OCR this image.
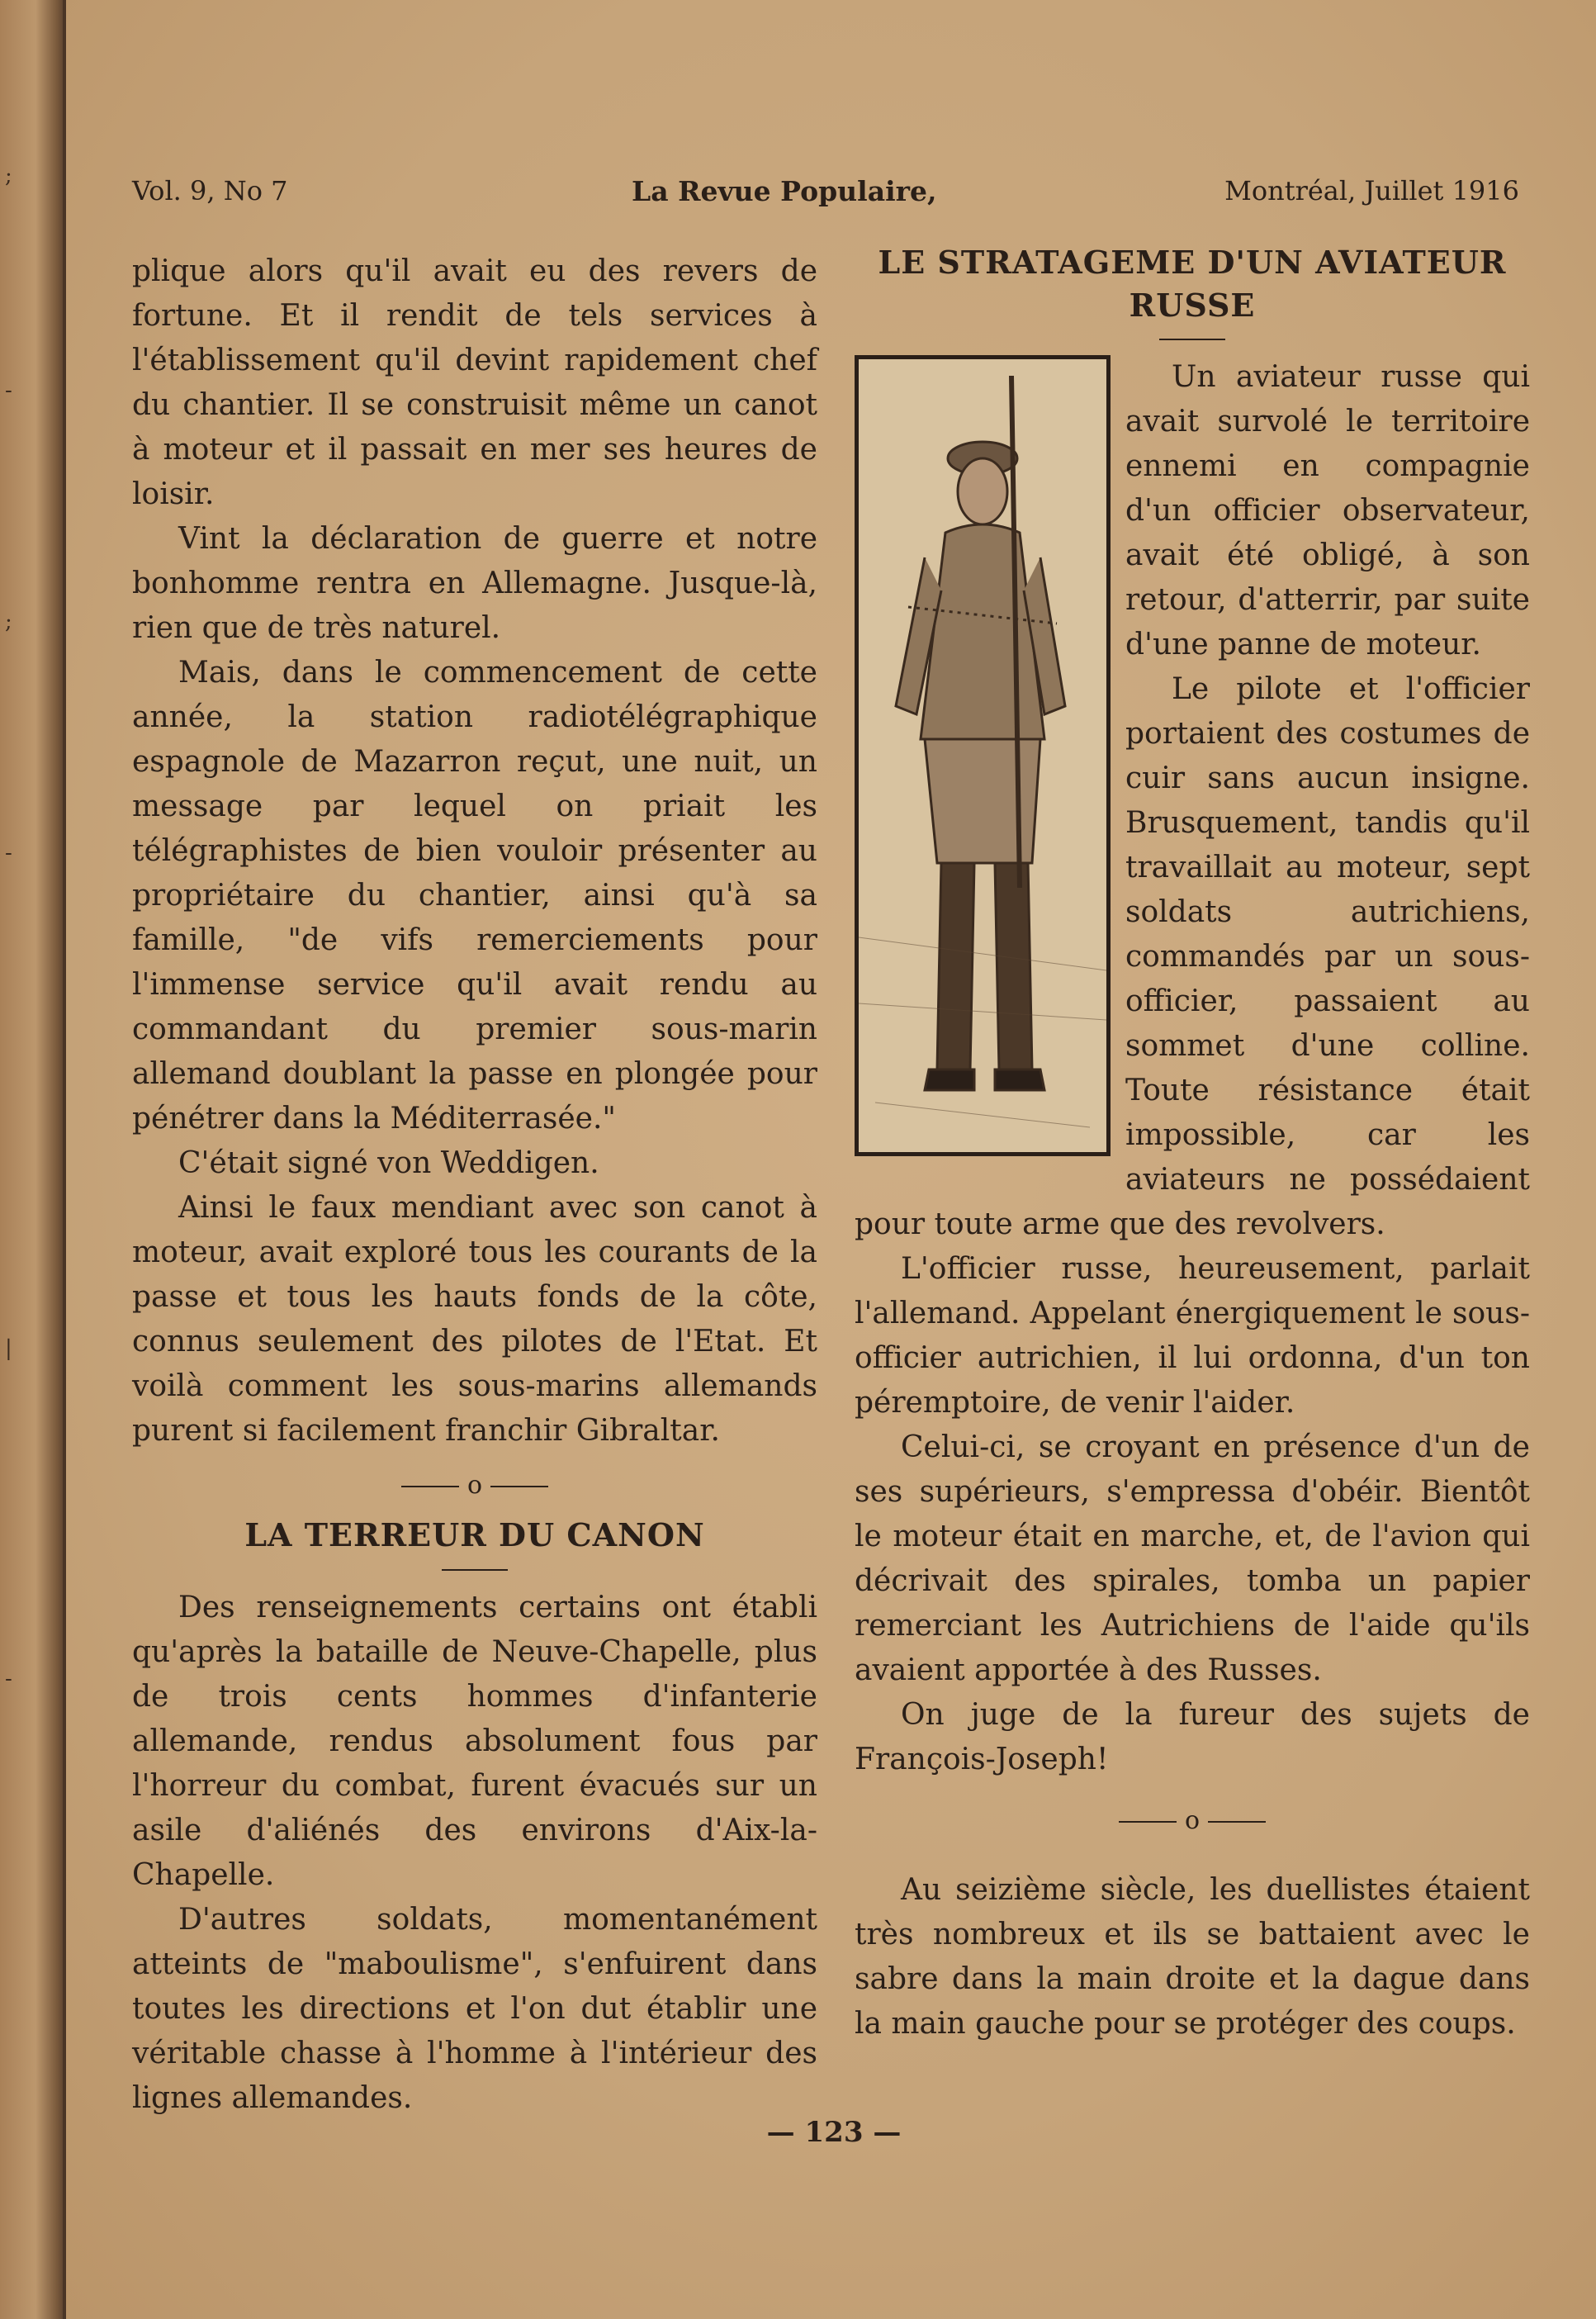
;
-
;
-
|
-
Vol. 9, No 7	La Revue Populaire,	Montréal, Juillet 1916

plique alors qu'il avait eu des revers de fortune. Et il rendit de tels services à l'établissement qu'il devint rapidement chef du chantier. Il se construisit même un canot à moteur et il passait en mer ses heures de loisir.

Vint la déclaration de guerre et notre bonhomme rentra en Allemagne. Jusque-là, rien que de très naturel.

Mais, dans le commencement de cette année, la station radiotélégraphique espagnole de Mazarron reçut, une nuit, un message par lequel on priait les télégraphistes de bien vouloir présenter au propriétaire du chantier, ainsi qu'à sa famille, "de vifs remerciements pour l'immense service qu'il avait rendu au commandant du premier sous-marin allemand doublant la passe en plongée pour pénétrer dans la Méditerrasée."

C'était signé von Weddigen.

Ainsi le faux mendiant avec son canot à moteur, avait exploré tous les courants de la passe et tous les hauts fonds de la côte, connus seulement des pilotes de l'Etat. Et voilà comment les sous-marins allemands purent si facilement franchir Gibraltar.

o
LA TERREUR DU CANON

Des renseignements certains ont établi qu'après la bataille de Neuve-Chapelle, plus de trois cents hommes d'infanterie allemande, rendus absolument fous par l'horreur du combat, furent évacués sur un asile d'aliénés des environs d'Aix-la-Chapelle.

D'autres soldats, momentanément atteints de "maboulisme", s'enfuirent dans toutes les directions et l'on dut établir une véritable chasse à l'homme à l'intérieur des lignes allemandes.

LE STRATAGEME D'UN AVIATEUR RUSSE

Un aviateur russe qui avait survolé le territoire ennemi en compagnie d'un officier observateur, avait été obligé, à son retour, d'atterrir, par suite d'une panne de moteur.

Le pilote et l'officier portaient des costumes de cuir sans aucun insigne. Brusquement, tandis qu'il travaillait au moteur, sept soldats autrichiens, commandés par un sous-officier, passaient au sommet d'une colline. Toute résistance était impossible, car les aviateurs ne possédaient pour toute arme que des revolvers.

L'officier russe, heureusement, parlait l'allemand. Appelant énergiquement le sous-officier autrichien, il lui ordonna, d'un ton péremptoire, de venir l'aider.

Celui-ci, se croyant en présence d'un de ses supérieurs, s'empressa d'obéir. Bientôt le moteur était en marche, et, de l'avion qui décrivait des spirales, tomba un papier remerciant les Autrichiens de l'aide qu'ils avaient apportée à des Russes.

On juge de la fureur des sujets de François-Joseph!

o

Au seizième siècle, les duellistes étaient très nombreux et ils se battaient avec le sabre dans la main droite et la dague dans la main gauche pour se protéger des coups.

— 123 —
